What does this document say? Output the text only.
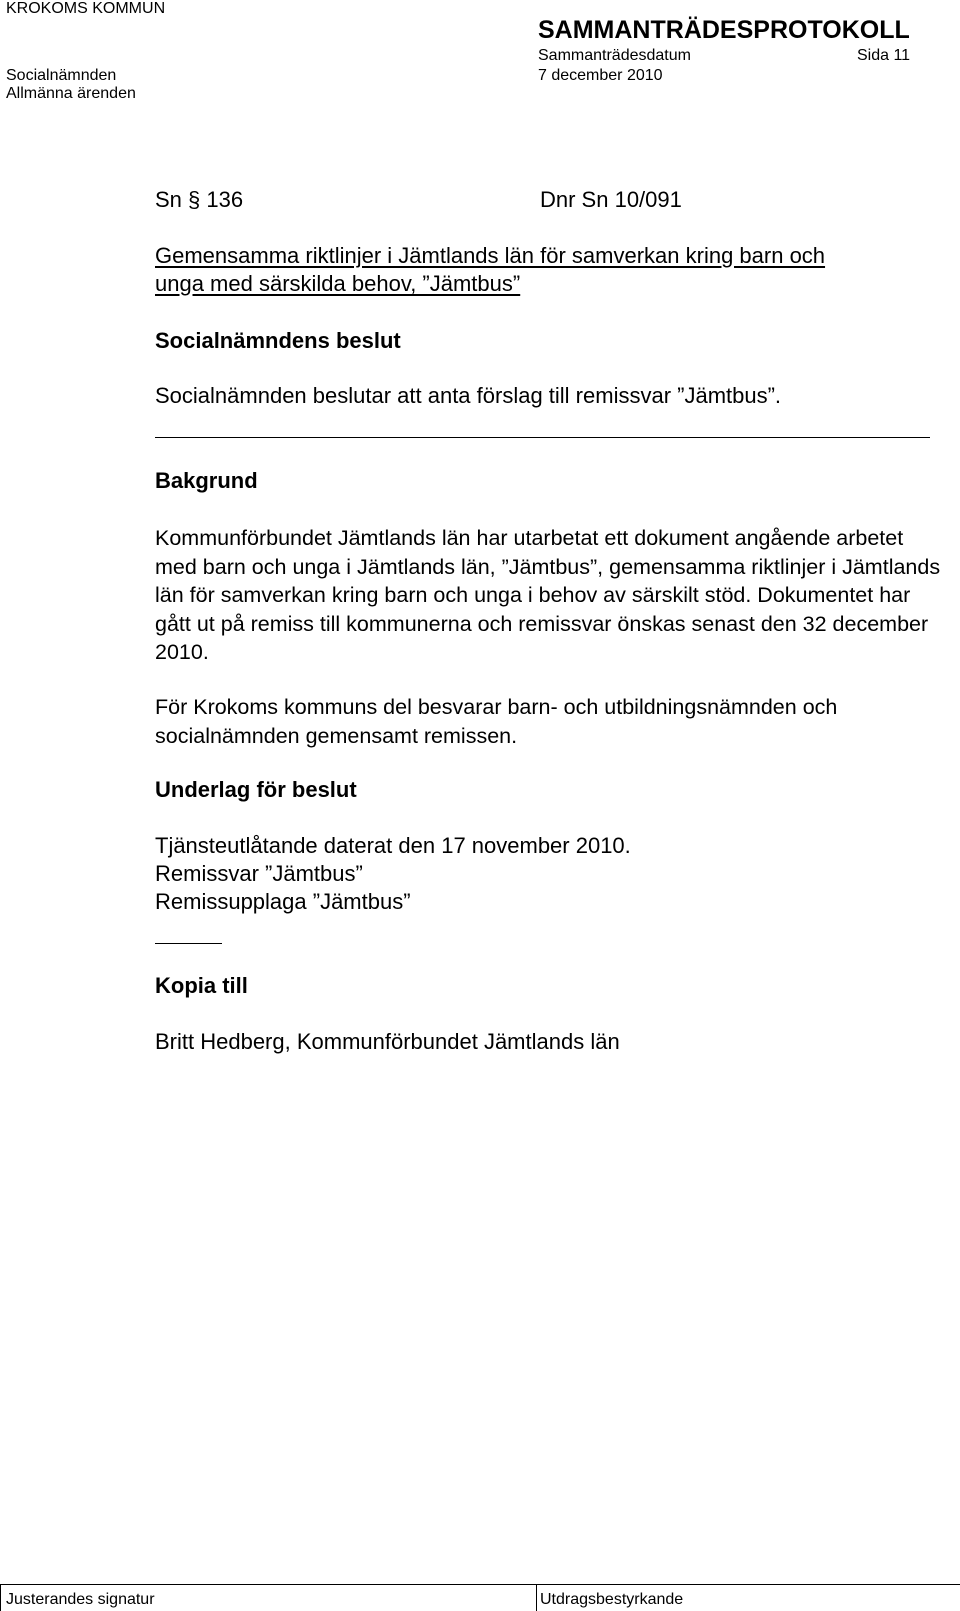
KROKOMS KOMMUN
SAMMANTRÄDESPROTOKOLL
Sammanträdesdatum	Sida 11
Socialnämnden	7 december 2010
Allmänna ärenden
Sn § 136	Dnr Sn 10/091
Gemensamma riktlinjer i Jämtlands län för samverkan kring barn och
unga med särskilda behov, ”Jämtbus”
Socialnämndens beslut
Socialnämnden beslutar att anta förslag till remissvar ”Jämtbus”.
Bakgrund
Kommunförbundet Jämtlands län har utarbetat ett dokument angående arbetet med barn och unga i Jämtlands län, ”Jämtbus”, gemensamma riktlinjer i Jämtlands län för samverkan kring barn och unga i behov av särskilt stöd. Dokumentet har gått ut på remiss till kommunerna och remissvar önskas senast den 32 december 2010.
För Krokoms kommuns del besvarar barn- och utbildningsnämnden och socialnämnden gemensamt remissen.
Underlag för beslut
Tjänsteutlåtande daterat den 17 november 2010.
Remissvar ”Jämtbus”
Remissupplaga ”Jämtbus”
Kopia till
Britt Hedberg, Kommunförbundet Jämtlands län
Justerandes signatur	Utdragsbestyrkande
